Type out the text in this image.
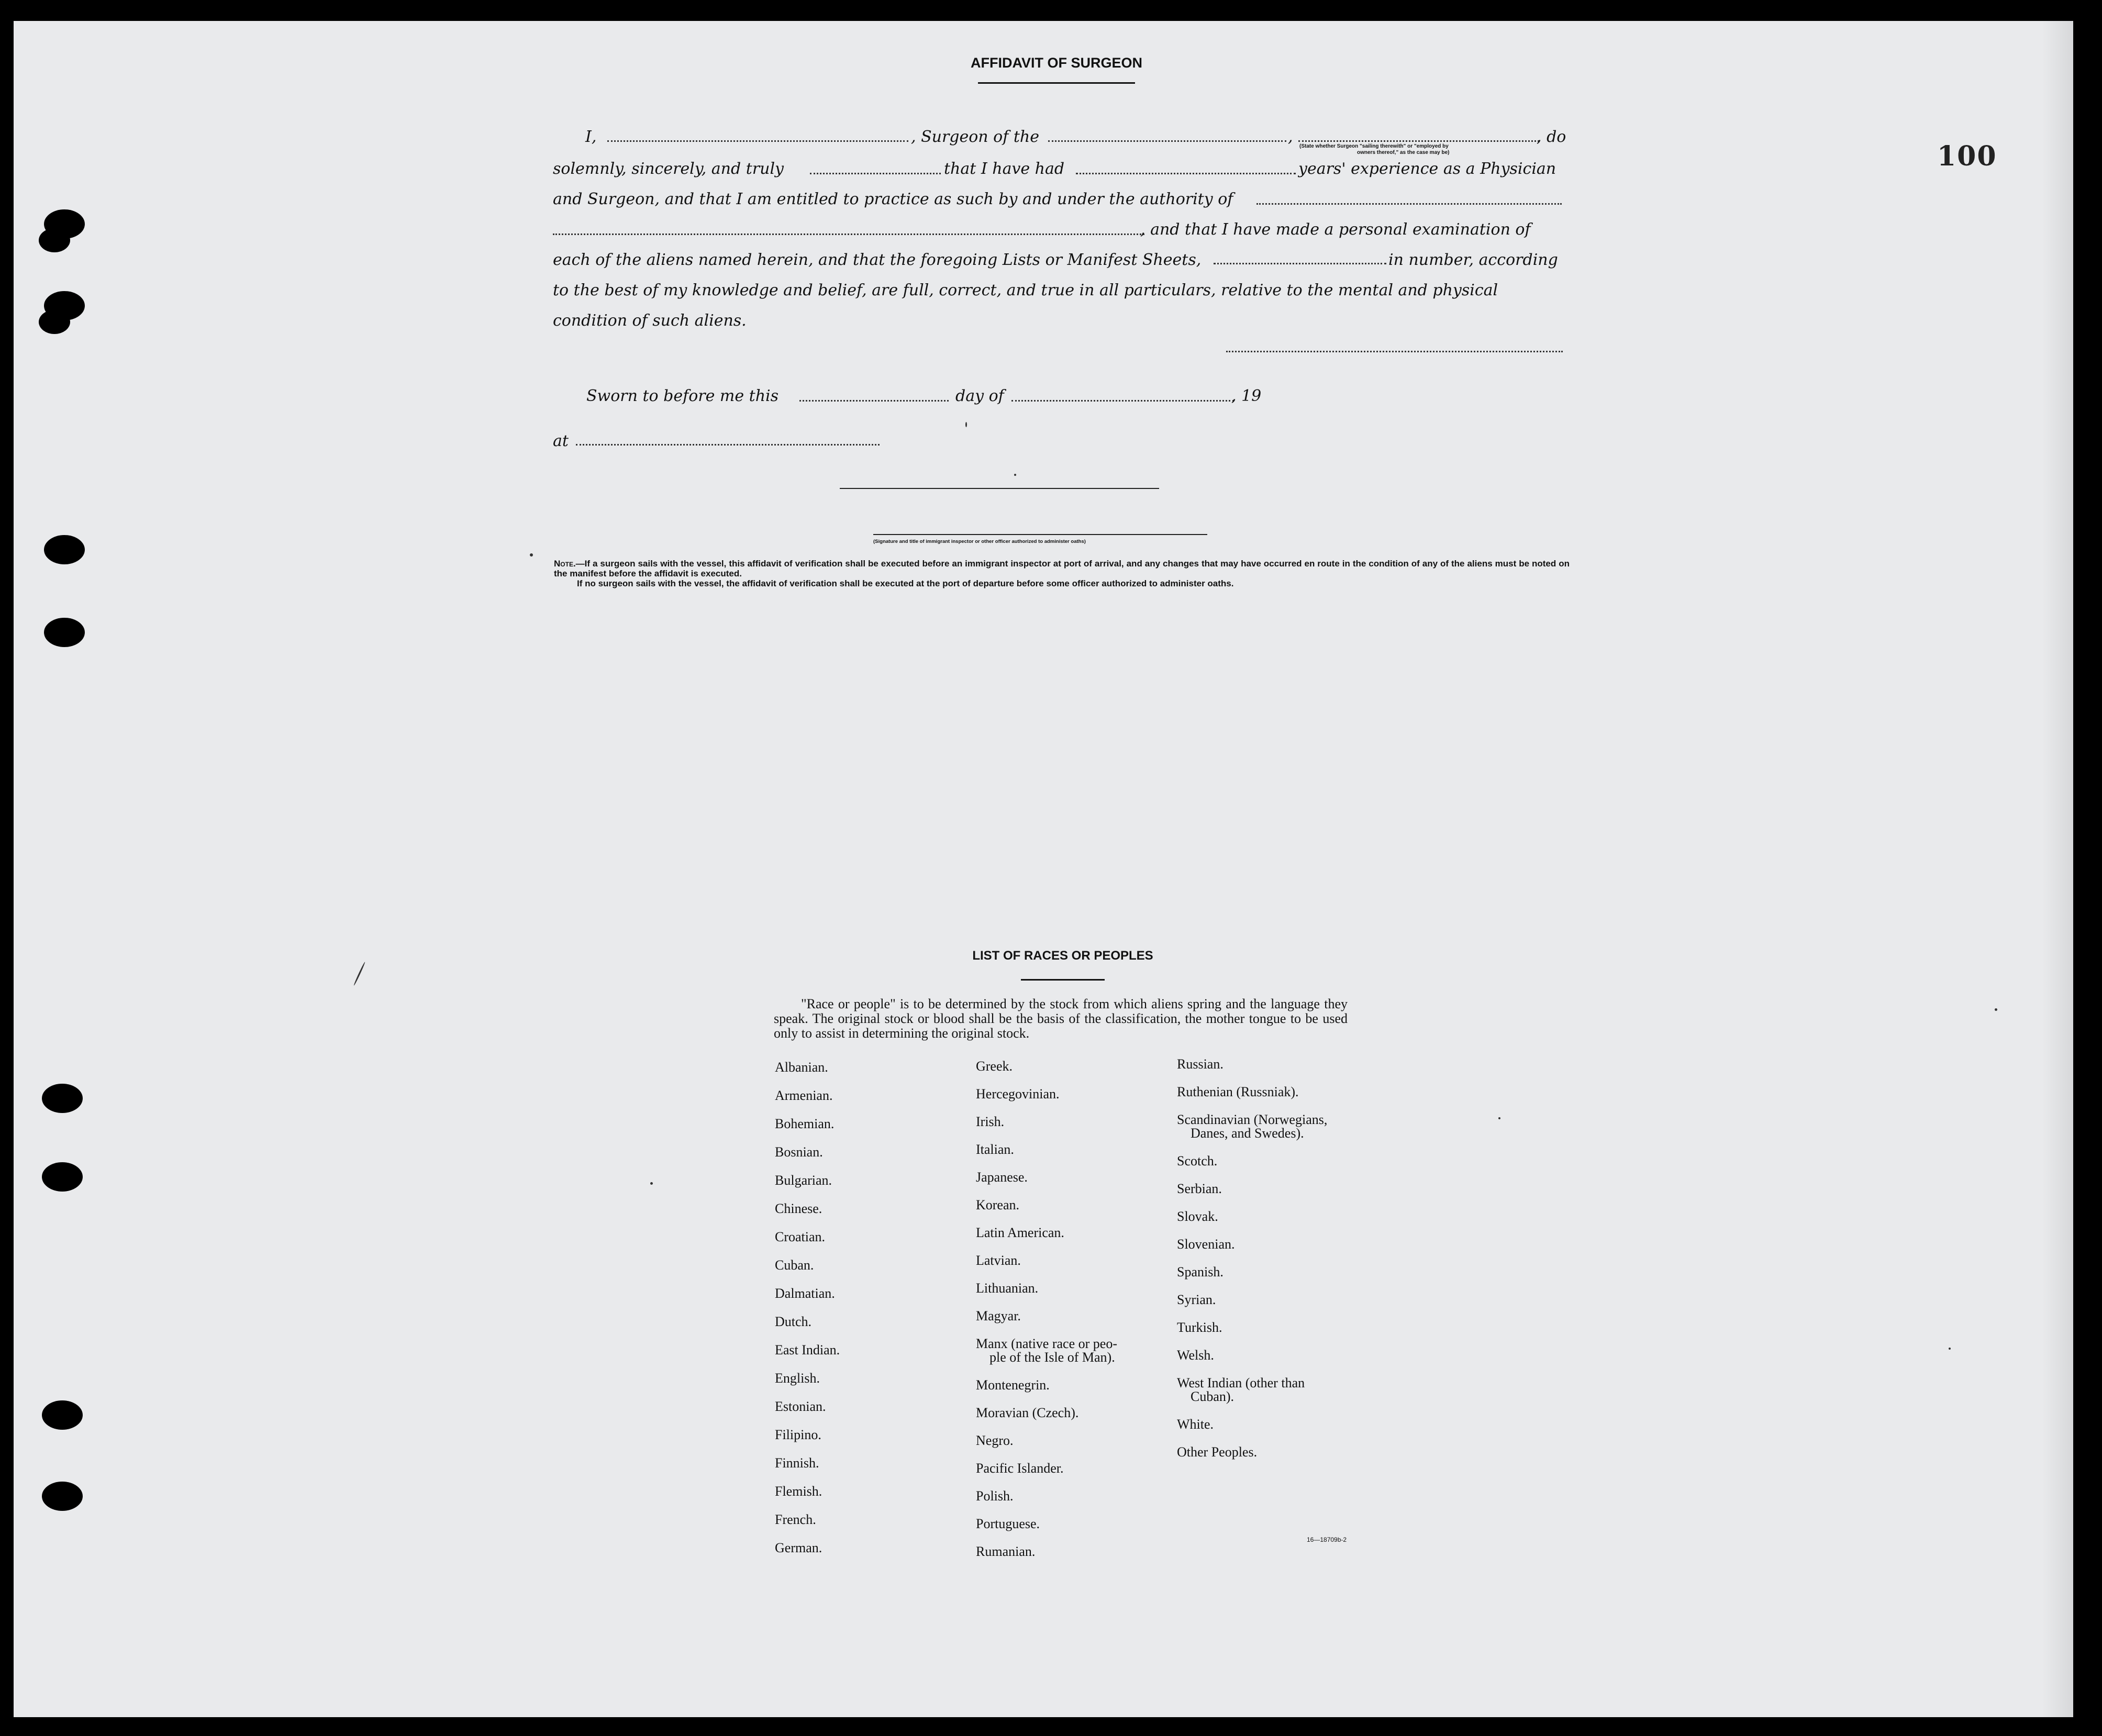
100
AFFIDAVIT OF SURGEON
I,	, Surgeon of the	,	, do
(State whether Surgeon "sailing therewith" or "employed by
owners thereof," as the case may be)
solemnly, sincerely, and truly	that I have had	years' experience as a Physician
and Surgeon, and that I am entitled to practice as such by and under the authority of
, and that I have made a personal examination of
each of the aliens named herein, and that the foregoing Lists or Manifest Sheets,	in number, according
to the best of my knowledge and belief, are full, correct, and true in all particulars, relative to the mental and physical
condition of such aliens.
Sworn to before me this	day of	, 19
at
(Signature and title of immigrant inspector or other officer authorized to administer oaths)

Note.—If a surgeon sails with the vessel, this affidavit of verification shall be executed before an immigrant inspector at port of arrival, and any changes that may have occurred en route in the condition of any of the aliens must be noted on the manifest before the affidavit is executed.

If no surgeon sails with the vessel, the affidavit of verification shall be executed at the port of departure before some officer authorized to administer oaths.

LIST OF RACES OR PEOPLES
"Race or people" is to be determined by the stock from which aliens spring and the language they speak. The original stock or blood shall be the basis of the classification, the mother tongue to be used only to assist in determining the original stock.
Albanian.
Armenian.
Bohemian.
Bosnian.
Bulgarian.
Chinese.
Croatian.
Cuban.
Dalmatian.
Dutch.
East Indian.
English.
Estonian.
Filipino.
Finnish.
Flemish.
French.
German.
Greek.
Hercegovinian.
Irish.
Italian.
Japanese.
Korean.
Latin American.
Latvian.
Lithuanian.
Magyar.
Manx (native race or peo-
ple of the Isle of Man).
Montenegrin.
Moravian (Czech).
Negro.
Pacific Islander.
Polish.
Portuguese.
Rumanian.
Russian.
Ruthenian (Russniak).
Scandinavian (Norwegians,
Danes, and Swedes).
Scotch.
Serbian.
Slovak.
Slovenian.
Spanish.
Syrian.
Turkish.
Welsh.
West Indian (other than
Cuban).
White.
Other Peoples.
16—18709b-2
